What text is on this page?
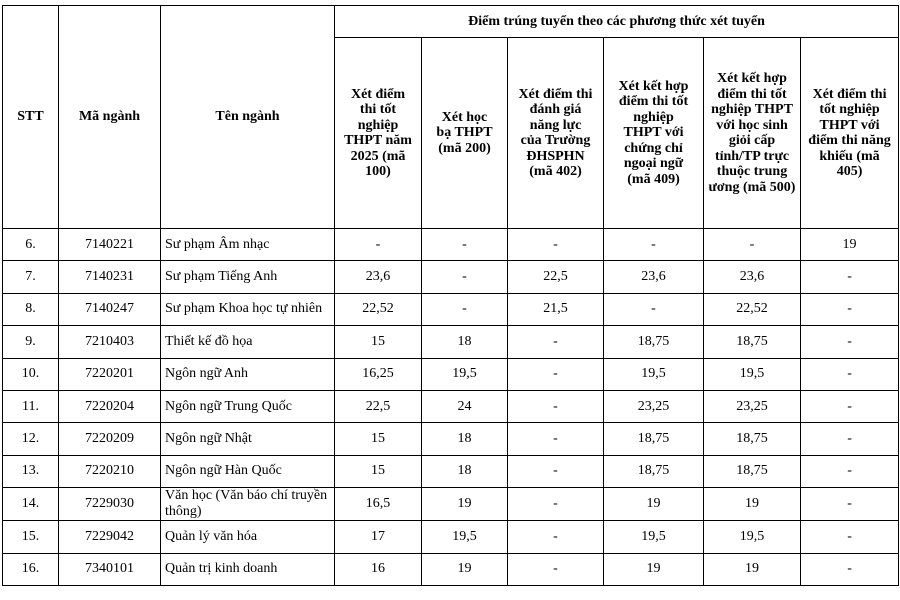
STT	Mã ngành	Tên ngành	Điểm trúng tuyển theo các phương thức xét tuyển					
			Xét điểm thi tốt nghiệp THPT năm 2025 (mã 100)	Xét học bạ THPT (mã 200)	Xét điểm thi đánh giá năng lực của Trường ĐHSPHN (mã 402)	Xét kết hợp điểm thi tốt nghiệp THPT với chứng chỉ ngoại ngữ (mã 409)	Xét kết hợp điểm thi tốt nghiệp THPT với học sinh giỏi cấp tỉnh/TP trực thuộc trung ương (mã 500)	Xét điểm thi tốt nghiệp THPT với điểm thi năng khiếu (mã 405)
6.	7140221	Sư phạm Âm nhạc	-	-	-	-	-	19
7.	7140231	Sư phạm Tiếng Anh	23,6	-	22,5	23,6	23,6	-
8.	7140247	Sư phạm Khoa học tự nhiên	22,52	-	21,5	-	22,52	-
9.	7210403	Thiết kế đồ họa	15	18	-	18,75	18,75	-
10.	7220201	Ngôn ngữ Anh	16,25	19,5	-	19,5	19,5	-
11.	7220204	Ngôn ngữ Trung Quốc	22,5	24	-	23,25	23,25	-
12.	7220209	Ngôn ngữ Nhật	15	18	-	18,75	18,75	-
13.	7220210	Ngôn ngữ Hàn Quốc	15	18	-	18,75	18,75	-
14.	7229030	Văn học (Văn báo chí truyền thông)	16,5	19	-	19	19	-
15.	7229042	Quản lý văn hóa	17	19,5	-	19,5	19,5	-
16.	7340101	Quản trị kinh doanh	16	19	-	19	19	-
